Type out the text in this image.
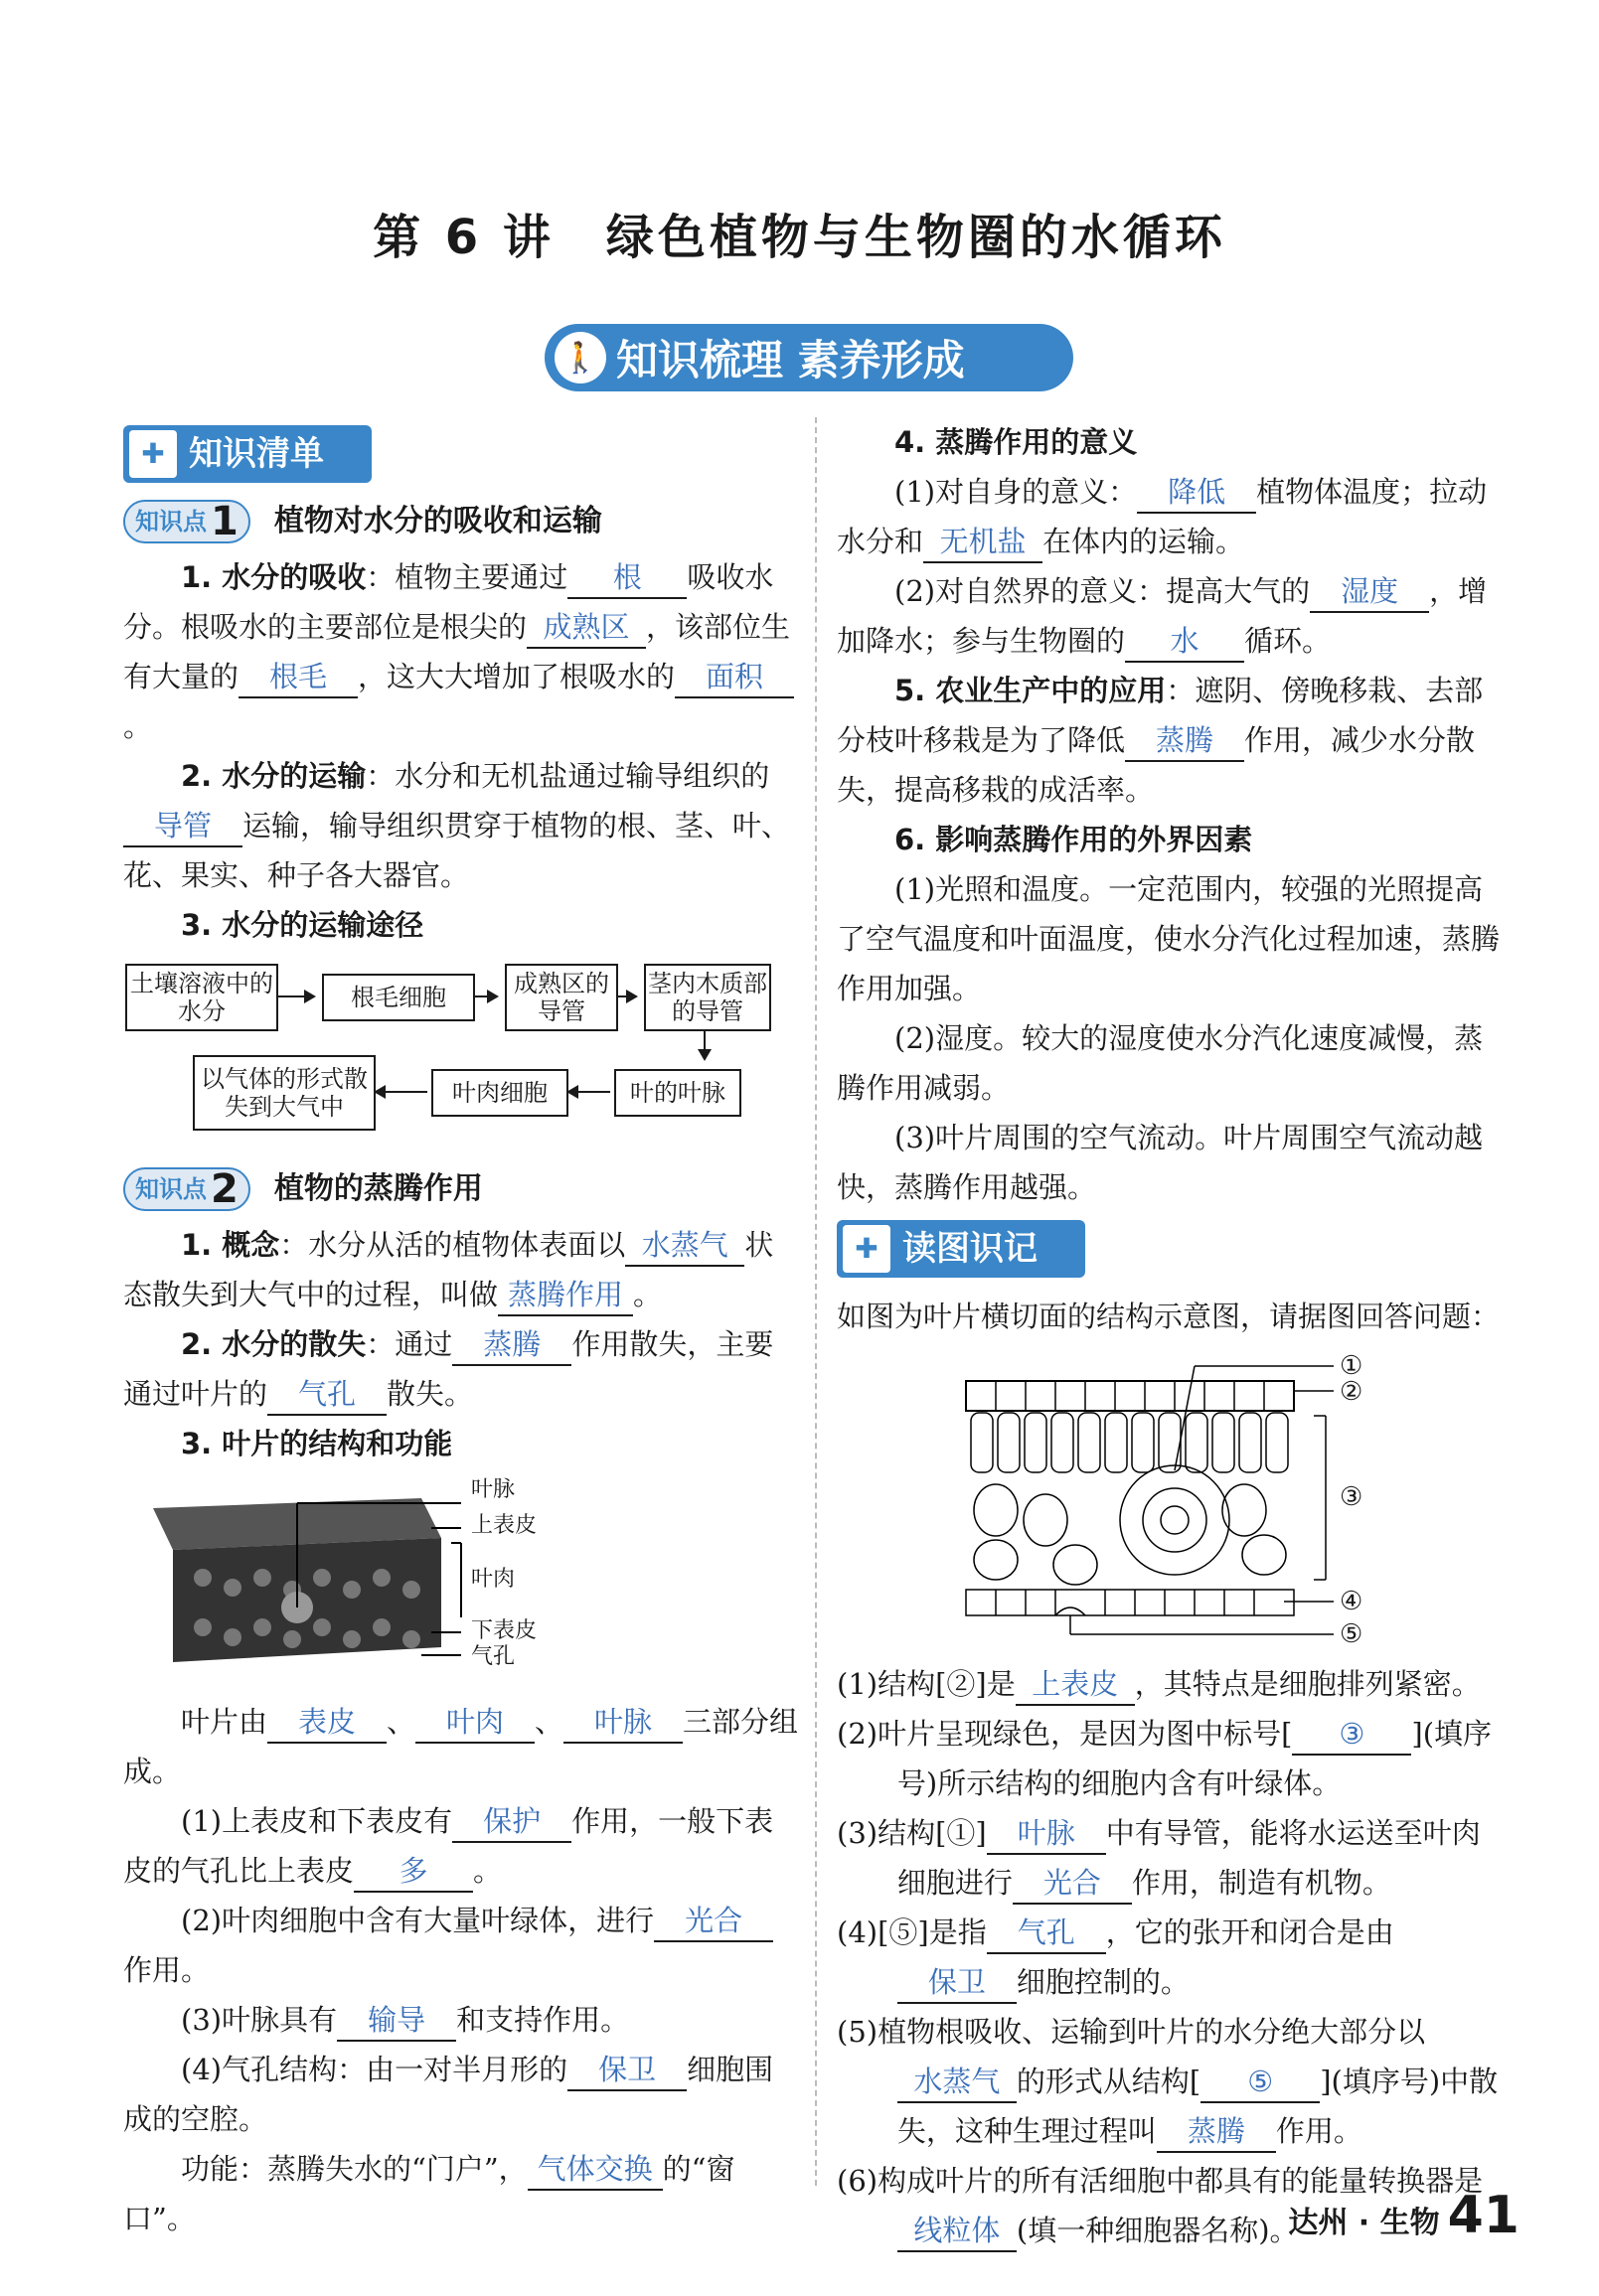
第 6 讲　绿色植物与生物圈的水循环
🚶 知识梳理 素养形成
✚ 知识清单
知识点 1 植物对水分的吸收和运输

1. 水分的吸收：植物主要通过 根 吸收水分。根吸水的主要部位是根尖的 成熟区 ，该部位生有大量的 根毛 ，这大大增加了根吸水的 面积。

2. 水分的运输：水分和无机盐通过输导组织的导管 运输，输导组织贯穿于植物的根、茎、叶、花、果实、种子各大器官。

3. 水分的运输途径

土壤溶液中的水分	根毛细胞	成熟区的导管
茎内木质部的导管
叶的叶脉
叶肉细胞
以气体的形式散失到大气中
知识点 2 植物的蒸腾作用

1. 概念：水分从活的植物体表面以 水蒸气 状态散失到大气中的过程，叫做 蒸腾作用 。

2. 水分的散失：通过 蒸腾 作用散失，主要通过叶片的 气孔 散失。

3. 叶片的结构和功能

叶脉
上表皮
叶肉
下表皮
气孔

叶片由 表皮 、 叶肉 、 叶脉 三部分组成。

(1)上表皮和下表皮有 保护 作用，一般下表皮的气孔比上表皮 多 。

(2)叶肉细胞中含有大量叶绿体，进行 光合作用。

(3)叶脉具有 输导 和支持作用。

(4)气孔结构：由一对半月形的 保卫 细胞围成的空腔。

功能：蒸腾失水的“门户”， 气体交换 的“窗口”。

4. 蒸腾作用的意义

(1)对自身的意义： 降低 植物体温度；拉动水分和 无机盐 在体内的运输。

(2)对自然界的意义：提高大气的 湿度 ，增加降水；参与生物圈的 水 循环。

5. 农业生产中的应用：遮阴、傍晚移栽、去部分枝叶移栽是为了降低 蒸腾 作用，减少水分散失，提高移栽的成活率。

6. 影响蒸腾作用的外界因素

(1)光照和温度。一定范围内，较强的光照提高了空气温度和叶面温度，使水分汽化过程加速，蒸腾作用加强。

(2)湿度。较大的湿度使水分汽化速度减慢，蒸腾作用减弱。

(3)叶片周围的空气流动。叶片周围空气流动越快，蒸腾作用越强。

✚ 读图识记

如图为叶片横切面的结构示意图，请据图回答问题：

①
②
③
④
⑤

(1)结构[②]是 上表皮 ，其特点是细胞排列紧密。

(2)叶片呈现绿色，是因为图中标号[ ③ ](填序号)所示结构的细胞内含有叶绿体。

(3)结构[①] 叶脉 中有导管，能将水运送至叶肉细胞进行 光合 作用，制造有机物。

(4)[⑤]是指 气孔 ，它的张开和闭合是由保卫 细胞控制的。

(5)植物根吸收、运输到叶片的水分绝大部分以水蒸气 的形式从结构[ ⑤ ](填序号)中散失，这种生理过程叫 蒸腾 作用。

(6)构成叶片的所有活细胞中都具有的能量转换器是线粒体 (填一种细胞器名称)。

达州 · 生物 41
